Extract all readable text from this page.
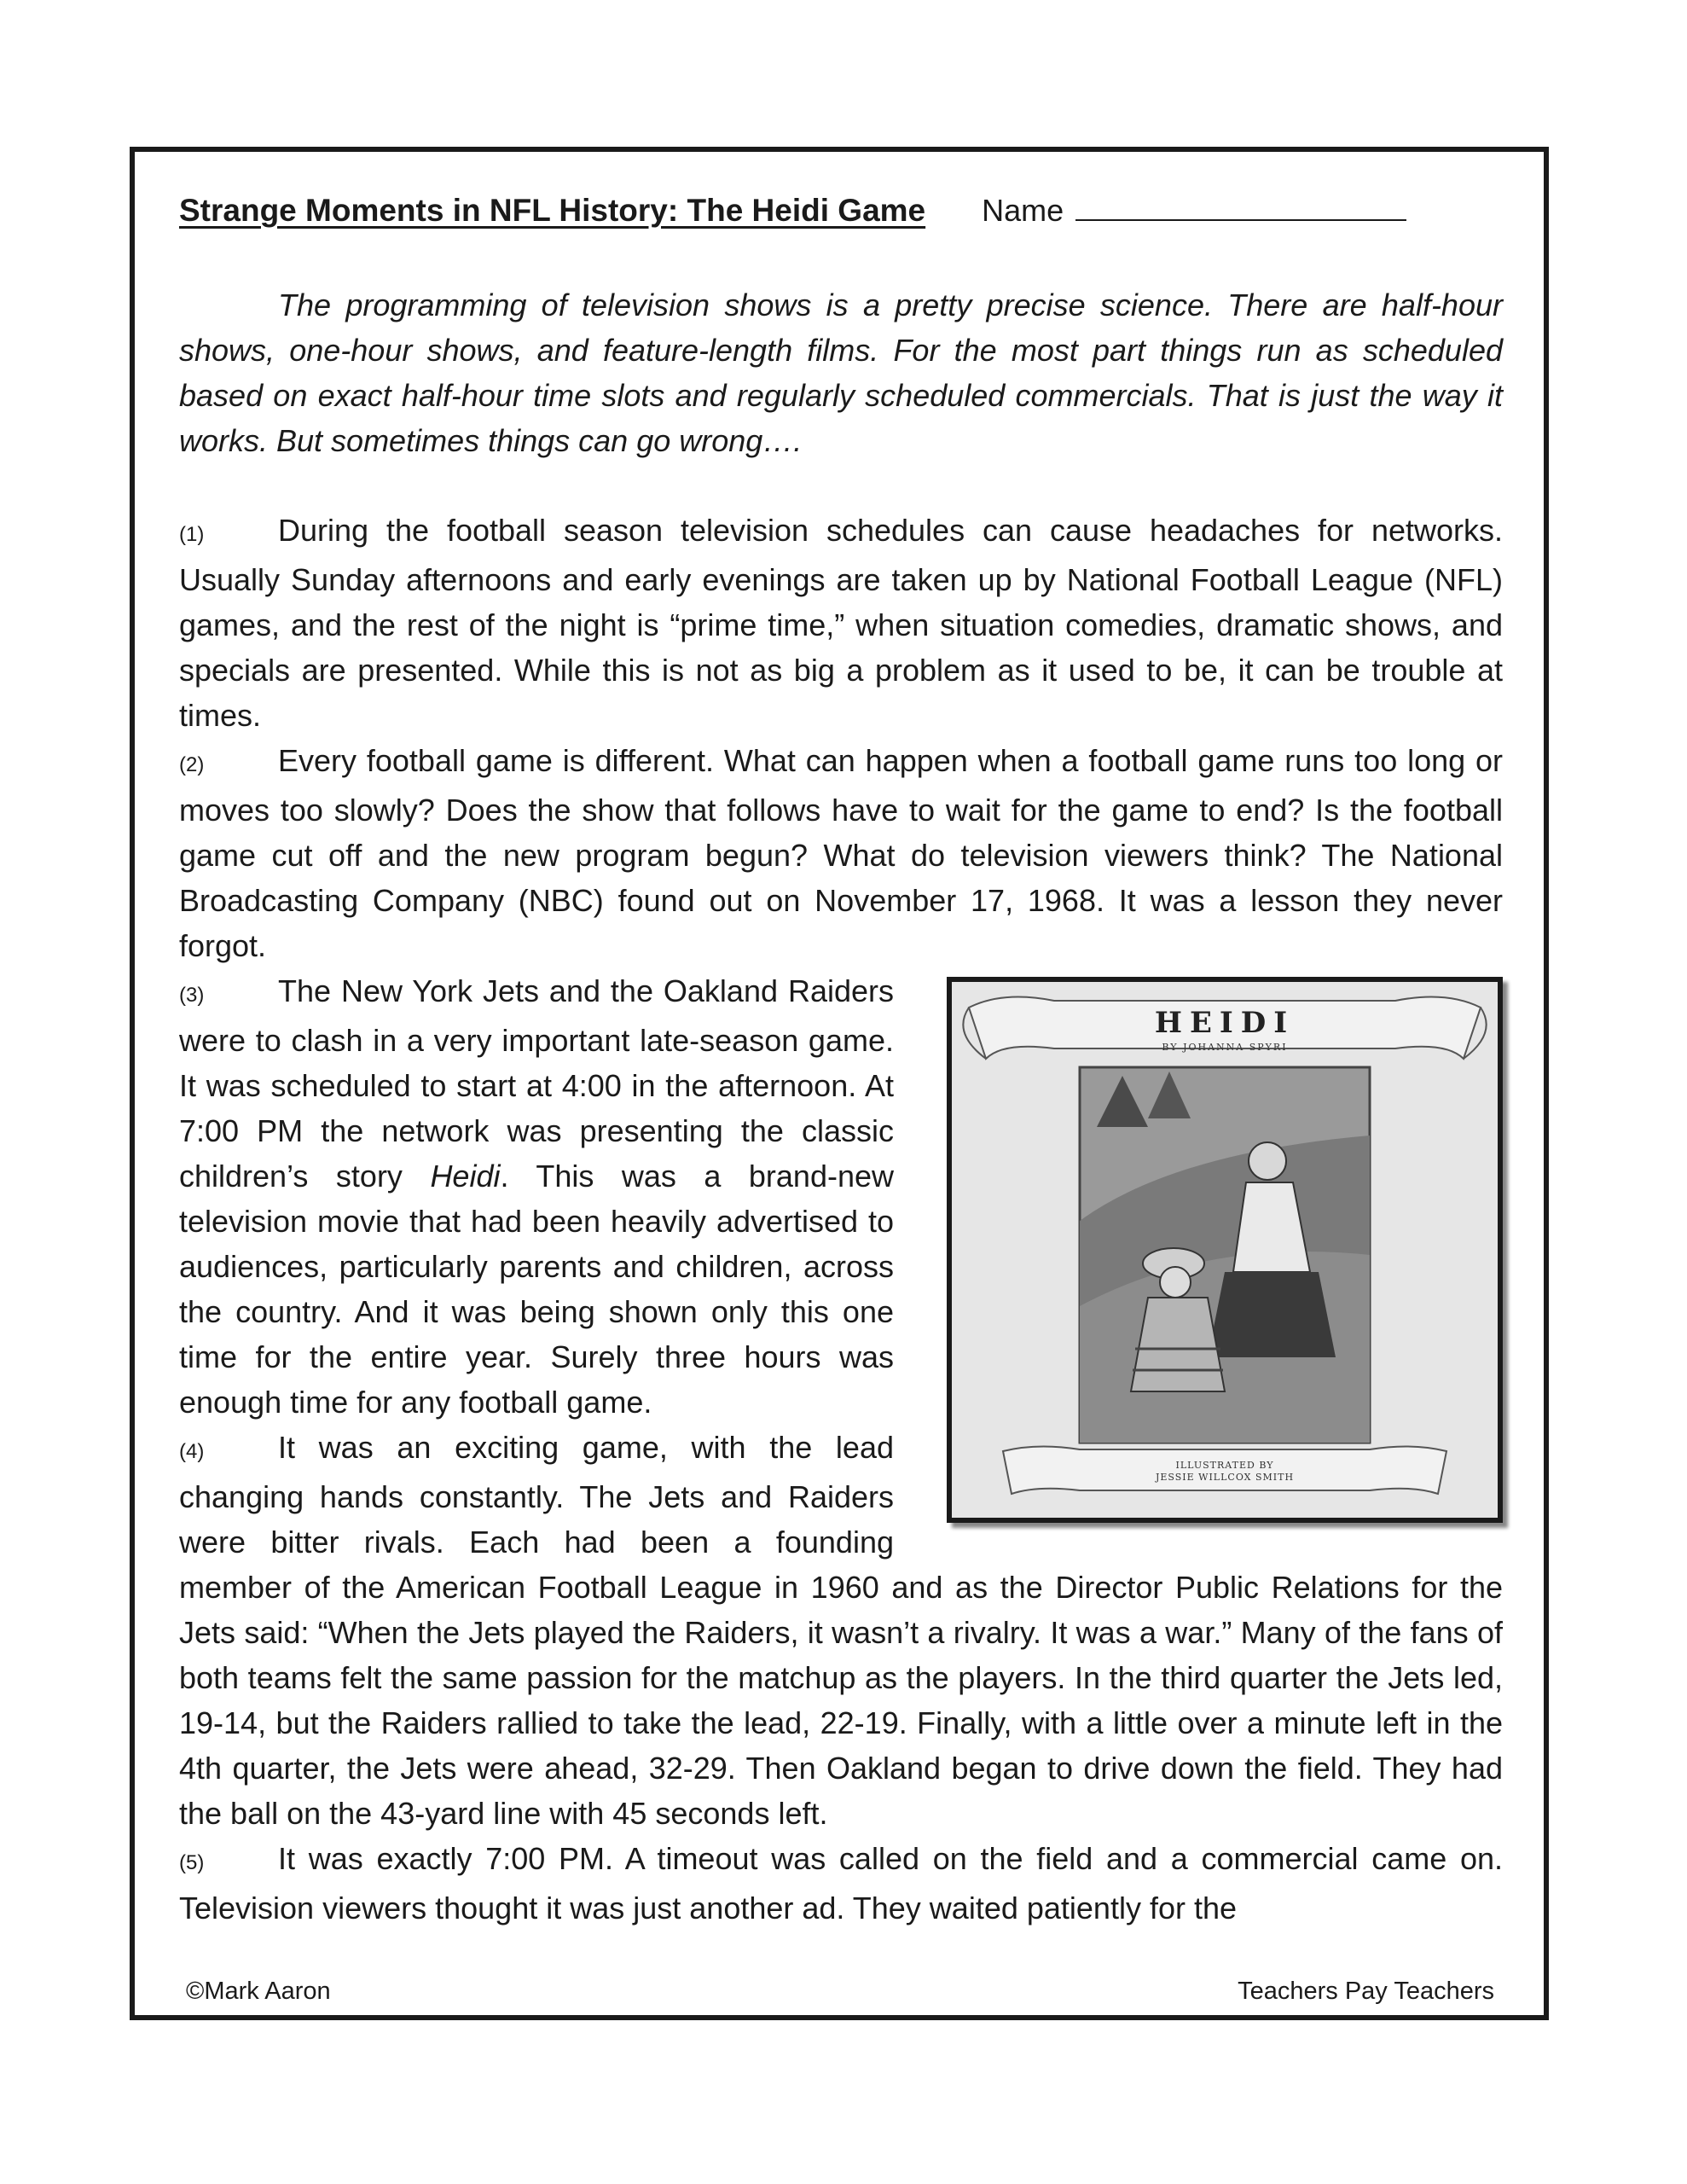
Strange Moments in NFL History: The Heidi Game Name

The programming of television shows is a pretty precise science. There are half-hour shows, one-hour shows, and feature-length films. For the most part things run as scheduled based on exact half-hour time slots and regularly scheduled commercials. That is just the way it works. But sometimes things can go wrong….

(1) During the football season television schedules can cause headaches for networks. Usually Sunday afternoons and early evenings are taken up by National Football League (NFL) games, and the rest of the night is “prime time,” when situation comedies, dramatic shows, and specials are presented. While this is not as big a problem as it used to be, it can be trouble at times.

(2) Every football game is different. What can happen when a football game runs too long or moves too slowly? Does the show that follows have to wait for the game to end? Is the football game cut off and the new program begun? What do television viewers think? The National Broadcasting Company (NBC) found out on November 17, 1968. It was a lesson they never forgot.

HEIDI
BY JOHANNA SPYRI
ILLUSTRATED BY
JESSIE WILLCOX SMITH

(3) The New York Jets and the Oakland Raiders were to clash in a very important late-season game. It was scheduled to start at 4:00 in the afternoon. At 7:00 PM the network was presenting the classic children’s story Heidi. This was a brand-new television movie that had been heavily advertised to audiences, particularly parents and children, across the country. And it was being shown only this one time for the entire year. Surely three hours was enough time for any football game.

(4) It was an exciting game, with the lead changing hands constantly. The Jets and Raiders were bitter rivals. Each had been a founding member of the American Football League in 1960 and as the Director Public Relations for the Jets said: “When the Jets played the Raiders, it wasn’t a rivalry. It was a war.” Many of the fans of both teams felt the same passion for the matchup as the players. In the third quarter the Jets led, 19-14, but the Raiders rallied to take the lead, 22-19. Finally, with a little over a minute left in the 4th quarter, the Jets were ahead, 32-29. Then Oakland began to drive down the field. They had the ball on the 43-yard line with 45 seconds left.

(5) It was exactly 7:00 PM. A timeout was called on the field and a commercial came on. Television viewers thought it was just another ad. They waited patiently for the

©Mark Aaron	Teachers Pay Teachers
